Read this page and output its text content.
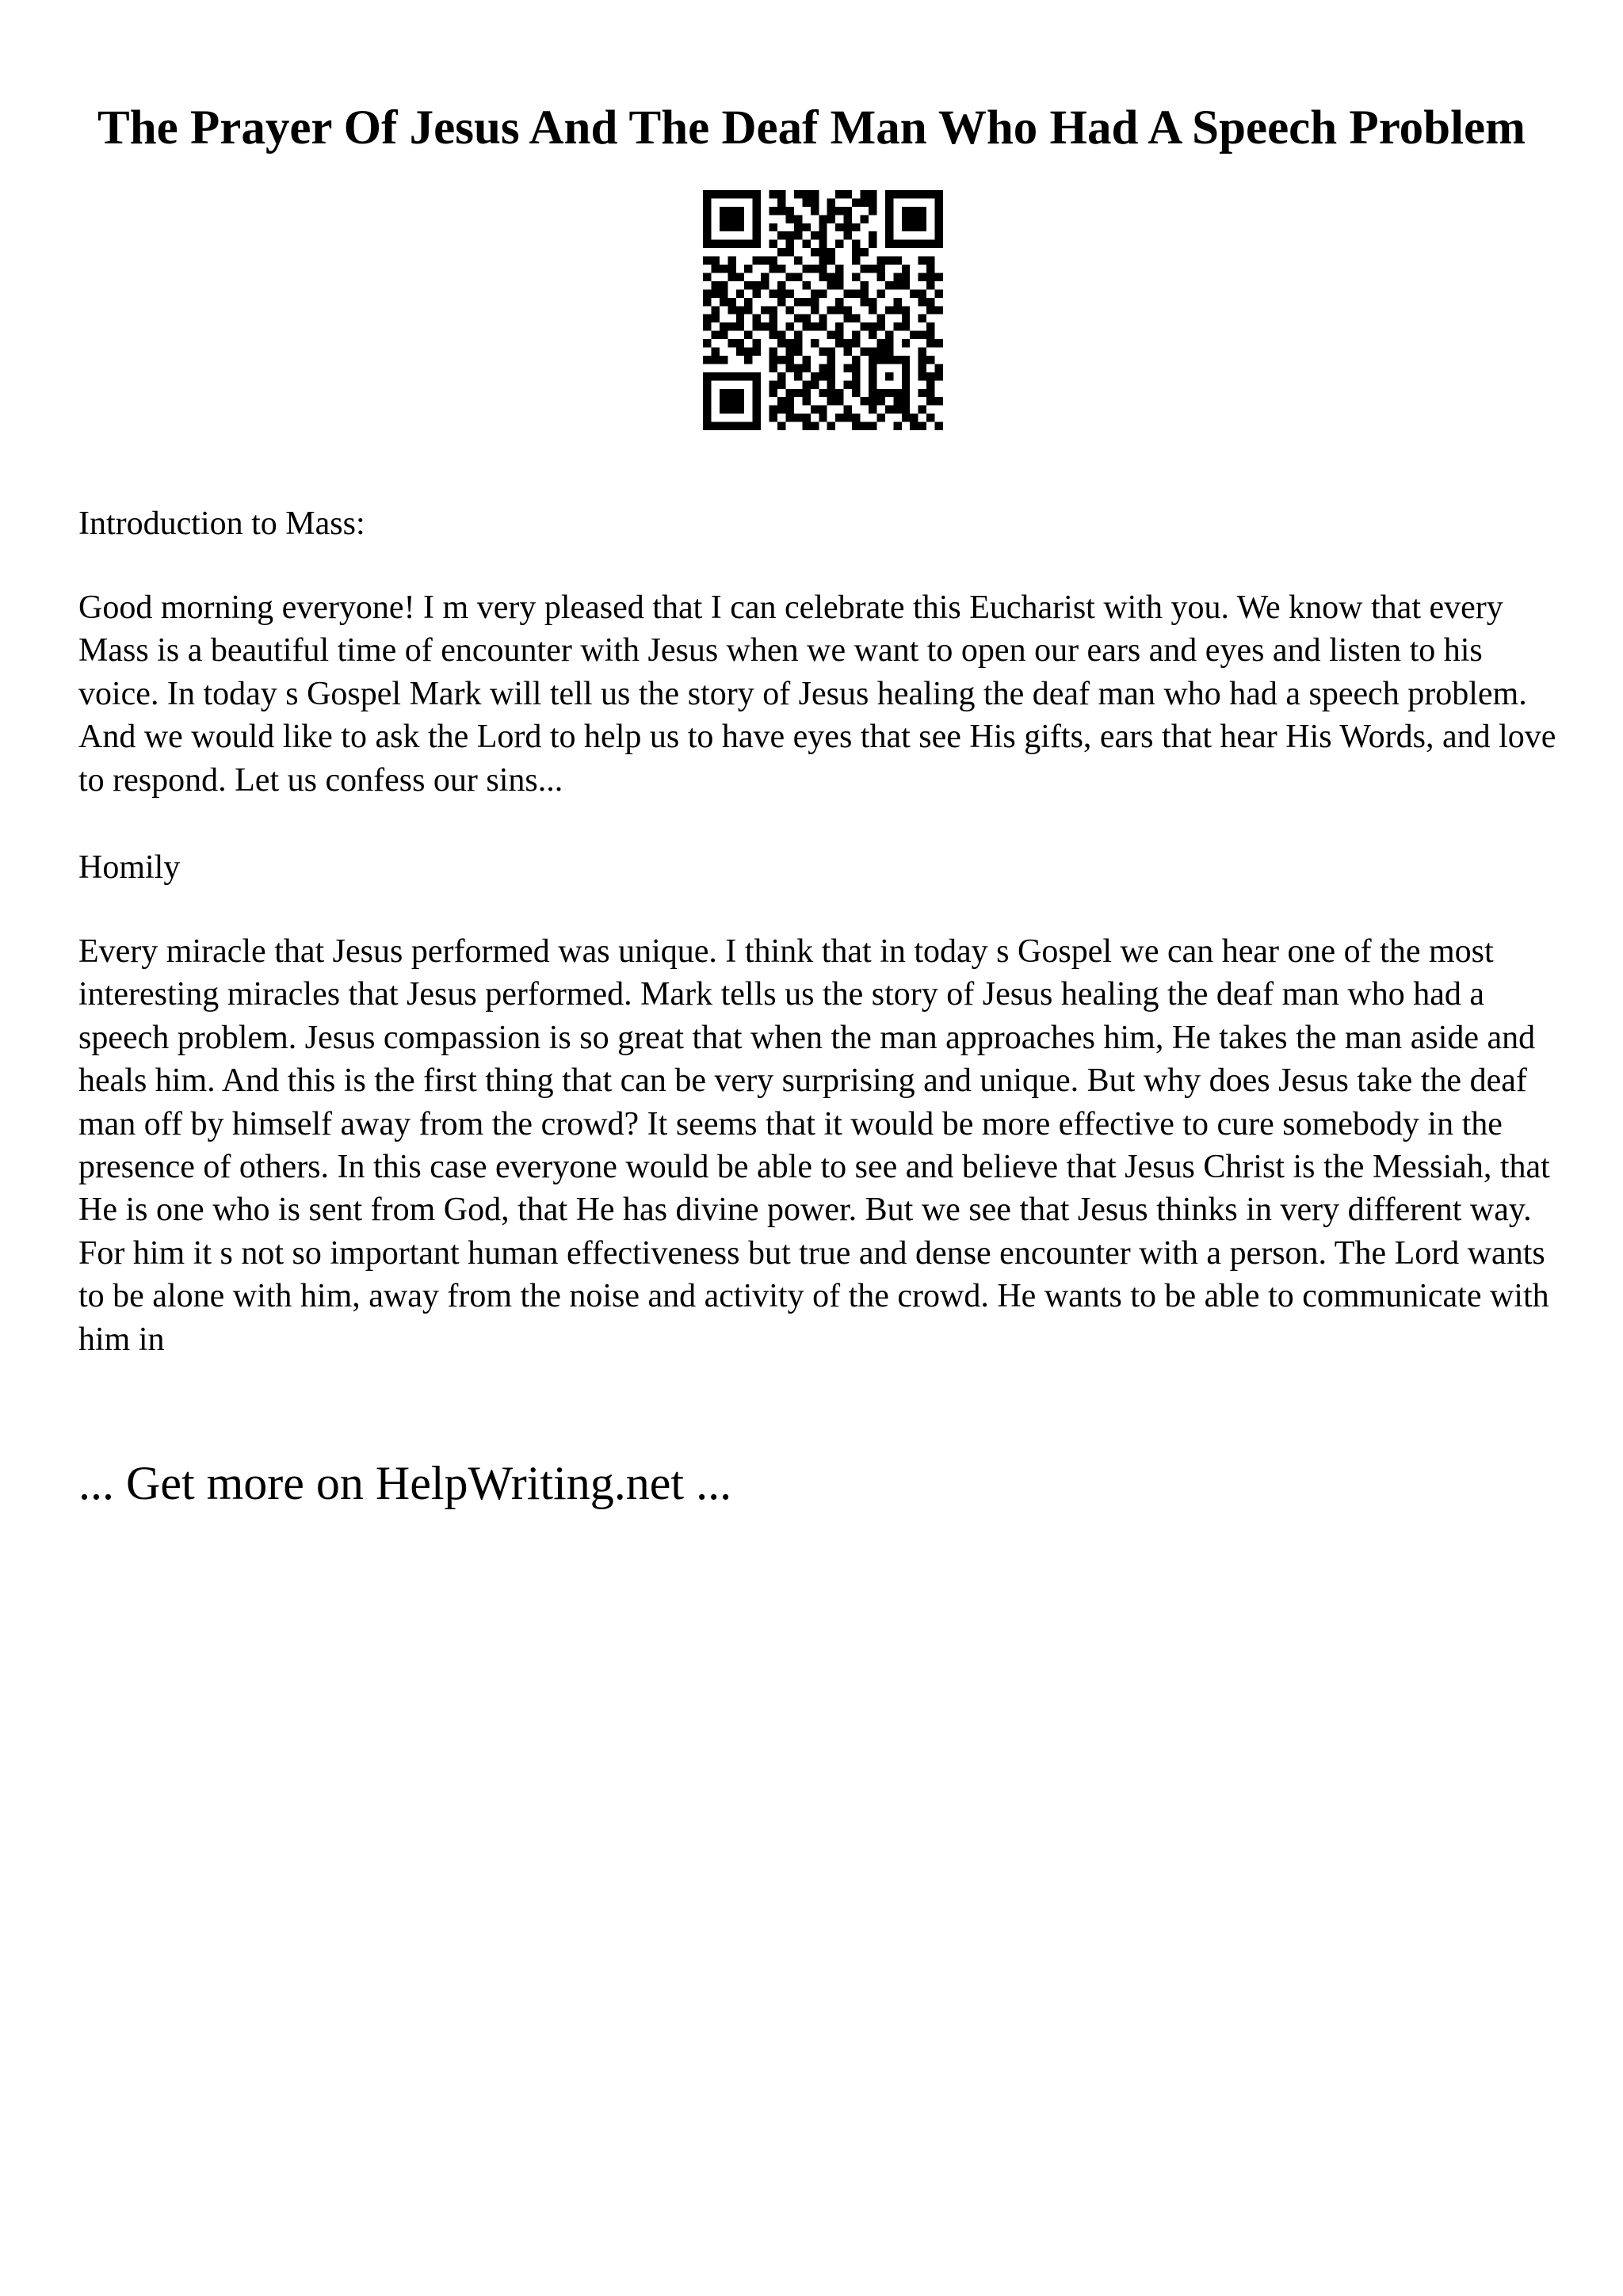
The Prayer Of Jesus And The Deaf Man Who Had A Speech Problem

Introduction to Mass:

Good morning everyone! I m very pleased that I can celebrate this Eucharist with you. We know that every Mass is a beautiful time of encounter with Jesus when we want to open our ears and eyes and listen to his voice. In today s Gospel Mark will tell us the story of Jesus healing the deaf man who had a speech problem. And we would like to ask the Lord to help us to have eyes that see His gifts, ears that hear His Words, and love to respond. Let us confess our sins...

Homily

Every miracle that Jesus performed was unique. I think that in today s Gospel we can hear one of the most interesting miracles that Jesus performed. Mark tells us the story of Jesus healing the deaf man who had a speech problem. Jesus compassion is so great that when the man approaches him, He takes the man aside and heals him. And this is the first thing that can be very surprising and unique. But why does Jesus take the deaf man off by himself away from the crowd? It seems that it would be more effective to cure somebody in the presence of others. In this case everyone would be able to see and believe that Jesus Christ is the Messiah, that He is one who is sent from God, that He has divine power. But we see that Jesus thinks in very different way. For him it s not so important human effectiveness but true and dense encounter with a person. The Lord wants to be alone with him, away from the noise and activity of the crowd. He wants to be able to communicate with him in

... Get more on HelpWriting.net ...
